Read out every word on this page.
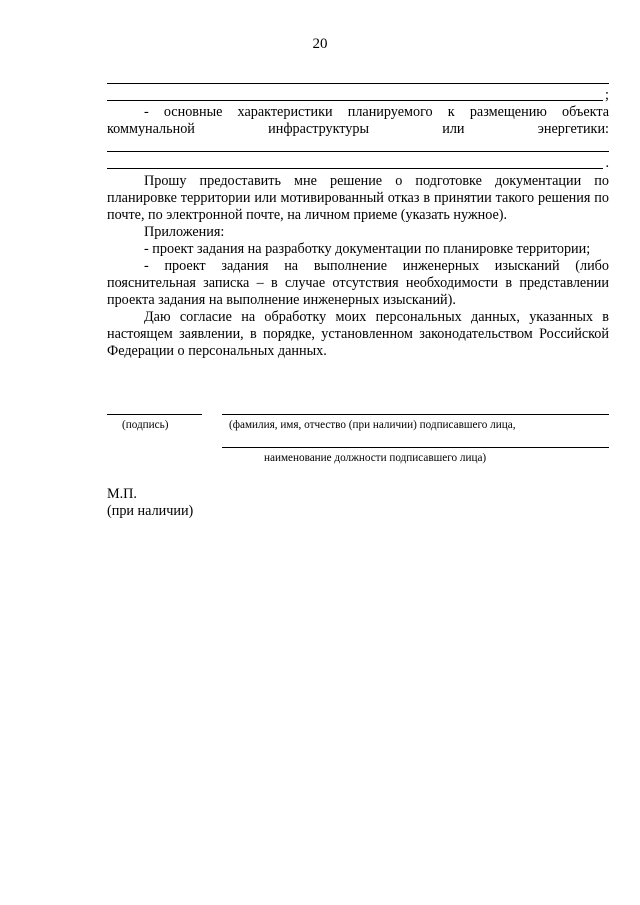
20
;

- основные характеристики планируемого к размещению объекта

коммунальной инфраструктуры или энергетики:

.

Прошу предоставить мне решение о подготовке документации по планировке территории или мотивированный отказ в принятии такого решения по почте, по электронной почте, на личном приеме (указать нужное).

Приложения:

- проект задания на разработку документации по планировке территории;

- проект задания на выполнение инженерных изысканий (либо пояснительная записка – в случае отсутствия необходимости в представлении проекта задания на выполнение инженерных изысканий).

Даю согласие на обработку моих персональных данных, указанных в настоящем заявлении, в порядке, установленном законодательством Российской Федерации о персональных данных.

(подпись)	(фамилия, имя, отчество (при наличии) подписавшего лица,
наименование должности подписавшего лица)
М.П.
(при наличии)
